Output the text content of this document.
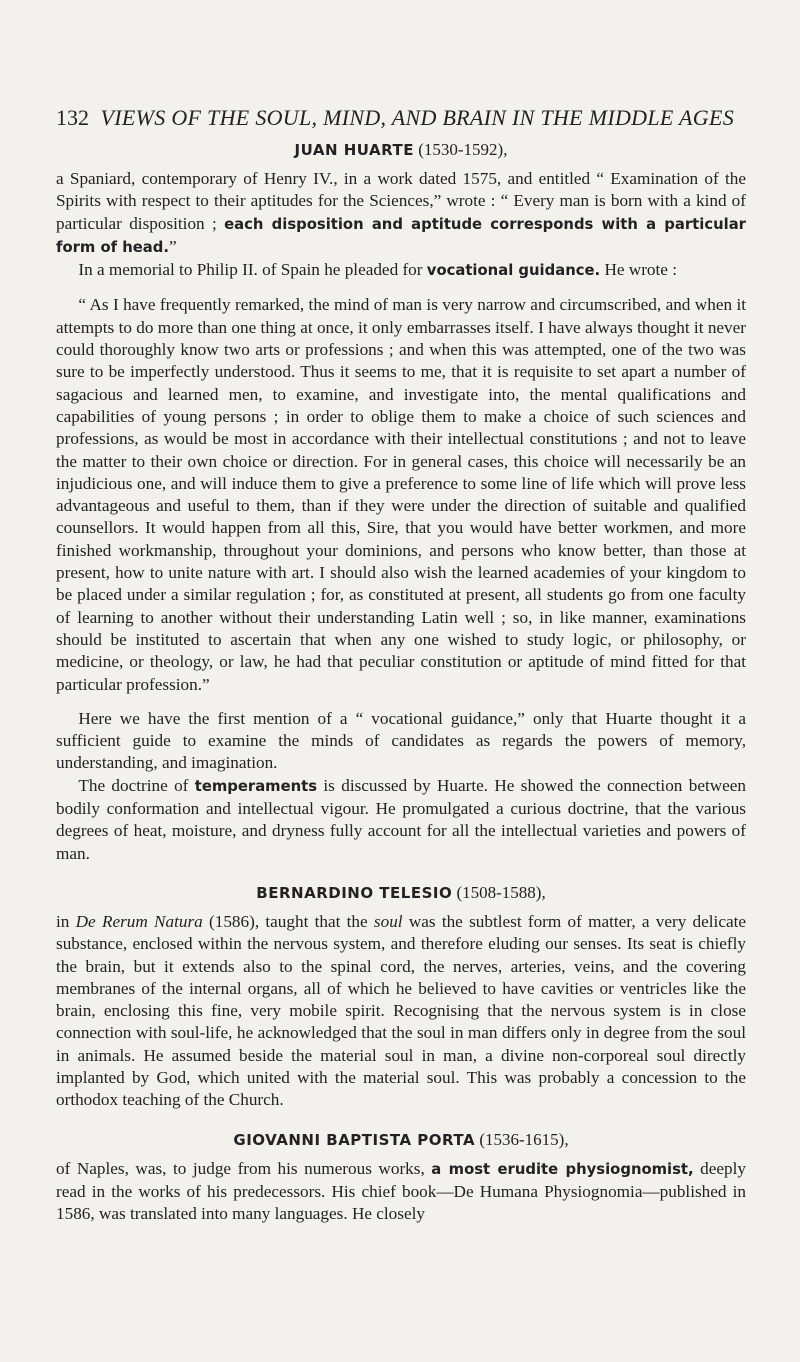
132 VIEWS OF THE SOUL, MIND, AND BRAIN IN THE MIDDLE AGES
JUAN HUARTE (1530-1592),

a Spaniard, contemporary of Henry IV., in a work dated 1575, and entitled “ Examination of the Spirits with respect to their aptitudes for the Sciences,” wrote : “ Every man is born with a kind of particular disposition ; each disposition and aptitude corresponds with a particular form of head.”

In a memorial to Philip II. of Spain he pleaded for vocational guidance. He wrote :

“ As I have frequently remarked, the mind of man is very narrow and circumscribed, and when it attempts to do more than one thing at once, it only embarrasses itself. I have always thought it never could thoroughly know two arts or professions ; and when this was attempted, one of the two was sure to be imperfectly understood. Thus it seems to me, that it is requisite to set apart a number of sagacious and learned men, to examine, and investigate into, the mental qualifications and capabilities of young persons ; in order to oblige them to make a choice of such sciences and professions, as would be most in accordance with their intellectual constitutions ; and not to leave the matter to their own choice or direction. For in general cases, this choice will necessarily be an injudicious one, and will induce them to give a preference to some line of life which will prove less advantageous and useful to them, than if they were under the direction of suitable and qualified counsellors. It would happen from all this, Sire, that you would have better workmen, and more finished workmanship, throughout your dominions, and persons who know better, than those at present, how to unite nature with art. I should also wish the learned academies of your kingdom to be placed under a similar regulation ; for, as constituted at present, all students go from one faculty of learning to another without their understanding Latin well ; so, in like manner, examinations should be instituted to ascertain that when any one wished to study logic, or philosophy, or medicine, or theology, or law, he had that peculiar constitution or aptitude of mind fitted for that particular profession.”

Here we have the first mention of a “ vocational guidance,” only that Huarte thought it a sufficient guide to examine the minds of candidates as regards the powers of memory, understanding, and imagination.

The doctrine of temperaments is discussed by Huarte. He showed the connection between bodily conformation and intellectual vigour. He promulgated a curious doctrine, that the various degrees of heat, moisture, and dryness fully account for all the intellectual varieties and powers of man.

BERNARDINO TELESIO (1508-1588),

in De Rerum Natura (1586), taught that the soul was the subtlest form of matter, a very delicate substance, enclosed within the nervous system, and therefore eluding our senses. Its seat is chiefly the brain, but it extends also to the spinal cord, the nerves, arteries, veins, and the covering membranes of the internal organs, all of which he believed to have cavities or ventricles like the brain, enclosing this fine, very mobile spirit. Recognising that the nervous system is in close connection with soul-life, he acknowledged that the soul in man differs only in degree from the soul in animals. He assumed beside the material soul in man, a divine non-corporeal soul directly implanted by God, which united with the material soul. This was probably a concession to the orthodox teaching of the Church.

GIOVANNI BAPTISTA PORTA (1536-1615),

of Naples, was, to judge from his numerous works, a most erudite physiognomist, deeply read in the works of his predecessors. His chief book—De Humana Physiognomia—published in 1586, was translated into many languages. He closely
